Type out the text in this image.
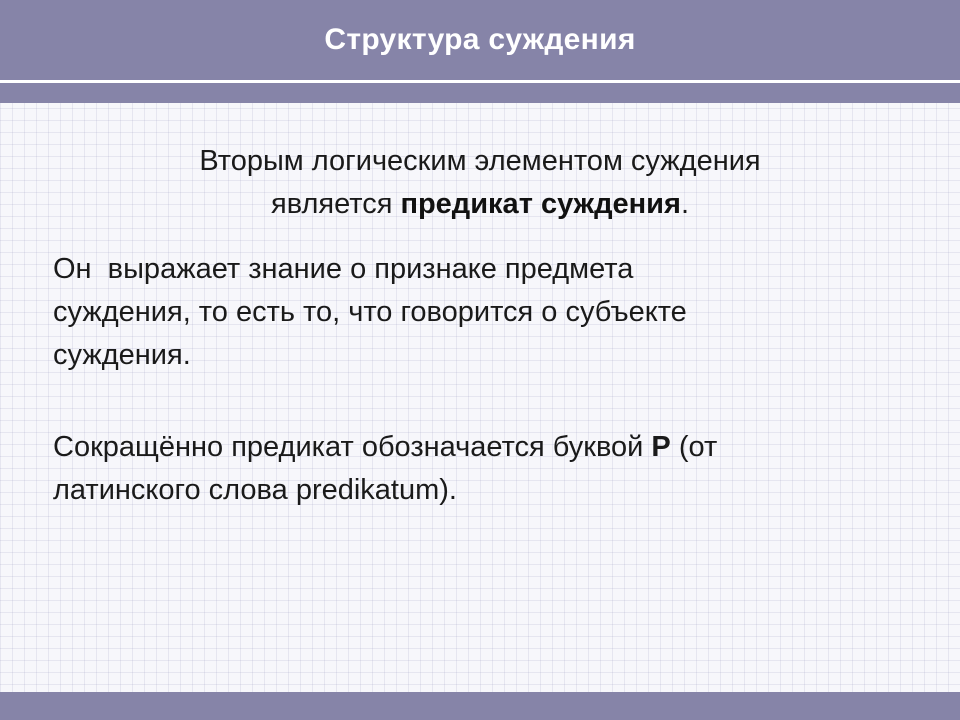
Структура суждения
Вторым логическим элементом суждения
является предикат суждения.
Он  выражает знание о признаке предмета
суждения, то есть то, что говорится о субъекте
суждения.
Сокращённо предикат обозначается буквой Р (от
латинского слова predikatum).
